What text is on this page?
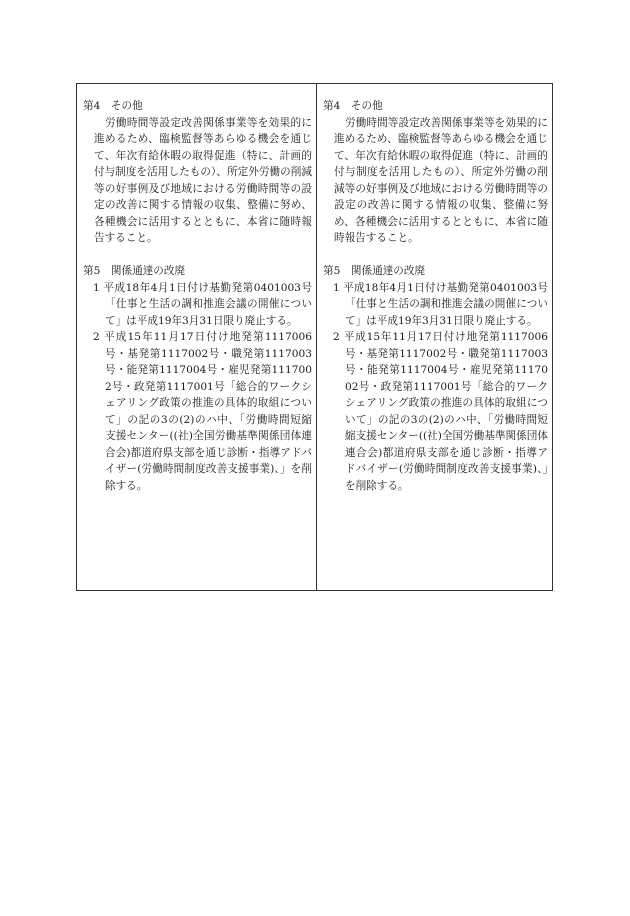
第4　その他

労働時間等設定改善関係事業等を効果的に進めるため、臨検監督等あらゆる機会を通じて、年次有給休暇の取得促進（特に、計画的付与制度を活用したもの）、所定外労働の削減等の好事例及び地域における労働時間等の設定の改善に関する情報の収集、整備に努め、各種機会に活用するとともに、本省に随時報告すること。

第5　関係通達の改廃

1 平成18年4月1日付け基勤発第0401003号「仕事と生活の調和推進会議の開催について」は平成19年3月31日限り廃止する。

2 平成15年11月17日付け地発第1117006号・基発第1117002号・職発第1117003号・能発第1117004号・雇児発第1117002号・政発第1117001号「総合的ワークシェアリング政策の推進の具体的取組について」の記の3の(2)のハ中、「労働時間短縮支援センター((社)全国労働基準関係団体連合会)都道府県支部を通じ診断・指導アドバイザー(労働時間制度改善支援事業)、」を削除する。

第4　その他

労働時間等設定改善関係事業等を効果的に進めるため、臨検監督等あらゆる機会を通じて、年次有給休暇の取得促進（特に、計画的付与制度を活用したもの）、所定外労働の削減等の好事例及び地域における労働時間等の設定の改善に関する情報の収集、整備に努め、各種機会に活用するとともに、本省に随時報告すること。

第5　関係通達の改廃

1 平成18年4月1日付け基勤発第0401003号「仕事と生活の調和推進会議の開催について」は平成19年3月31日限り廃止する。

2 平成15年11月17日付け地発第1117006号・基発第1117002号・職発第1117003号・能発第1117004号・雇児発第1117002号・政発第1117001号「総合的ワークシェアリング政策の推進の具体的取組について」の記の3の(2)のハ中、「労働時間短縮支援センター((社)全国労働基準関係団体連合会)都道府県支部を通じ診断・指導アドバイザー(労働時間制度改善支援事業)、」を削除する。
